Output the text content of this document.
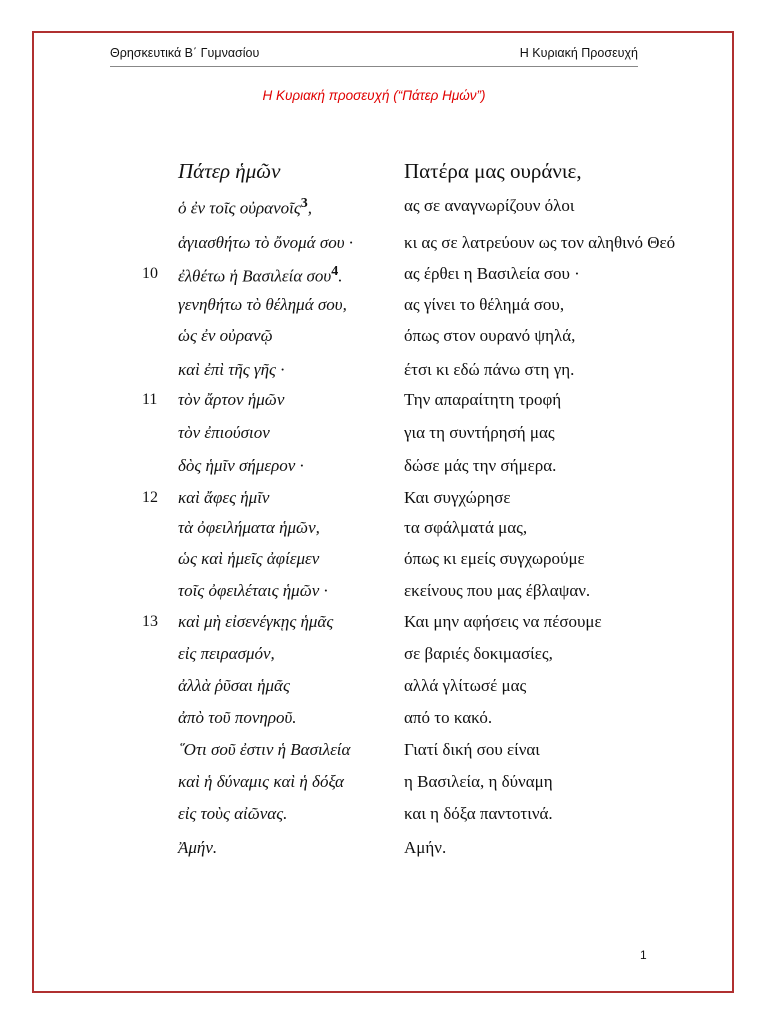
Θρησκευτικά Β΄ Γυμνασίου	Η Κυριακή Προσευχή
Η Κυριακή προσευχή (“Πάτερ Ημών”)
Πάτερ ἡμῶν	Πατέρα μας ουράνιε,
ὁ ἐν τοῖς οὐρανοῖς$^3$,	ας σε αναγνωρίζουν όλοι
ἁγιασθήτω τὸ ὄνομά σου ·	κι ας σε λατρεύουν ως τον αληθινό Θεό
10 ἐλθέτω ἡ Βασιλεία σου$^4$.	ας έρθει η Βασιλεία σου ·
γενηθήτω τὸ θέλημά σου,	ας γίνει το θέλημά σου,
ὡς ἐν οὐρανῷ	όπως στον ουρανό ψηλά,
καὶ ἐπὶ τῆς γῆς ·	έτσι κι εδώ πάνω στη γη.
11 τὸν ἄρτον ἡμῶν	Την απαραίτητη τροφή
τὸν ἐπιούσιον	για τη συντήρησή μας
δὸς ἡμῖν σήμερον ·	δώσε μάς την σήμερα.
12 καὶ ἄφες ἡμῖν	Και συγχώρησε
τὰ ὀφειλήματα ἡμῶν,	τα σφάλματά μας,
ὡς καὶ ἡμεῖς ἀφίεμεν	όπως κι εμείς συγχωρούμε
τοῖς ὀφειλέταις ἡμῶν ·	εκείνους που μας έβλαψαν.
13 καὶ μὴ εἰσενέγκῃς ἡμᾶς	Και μην αφήσεις να πέσουμε
εἰς πειρασμόν,	σε βαριές δοκιμασίες,
ἀλλὰ ῥῦσαι ἡμᾶς	αλλά γλίτωσέ μας
ἀπὸ τοῦ πονηροῦ.	από το κακό.
῞Οτι σοῦ ἐστιν ἡ Βασιλεία	Γιατί δική σου είναι
καὶ ἡ δύναμις καὶ ἡ δόξα	η Βασιλεία, η δύναμη
εἰς τοὺς αἰῶνας.	και η δόξα παντοτινά.
Ἀμήν.	Αμήν.
1
